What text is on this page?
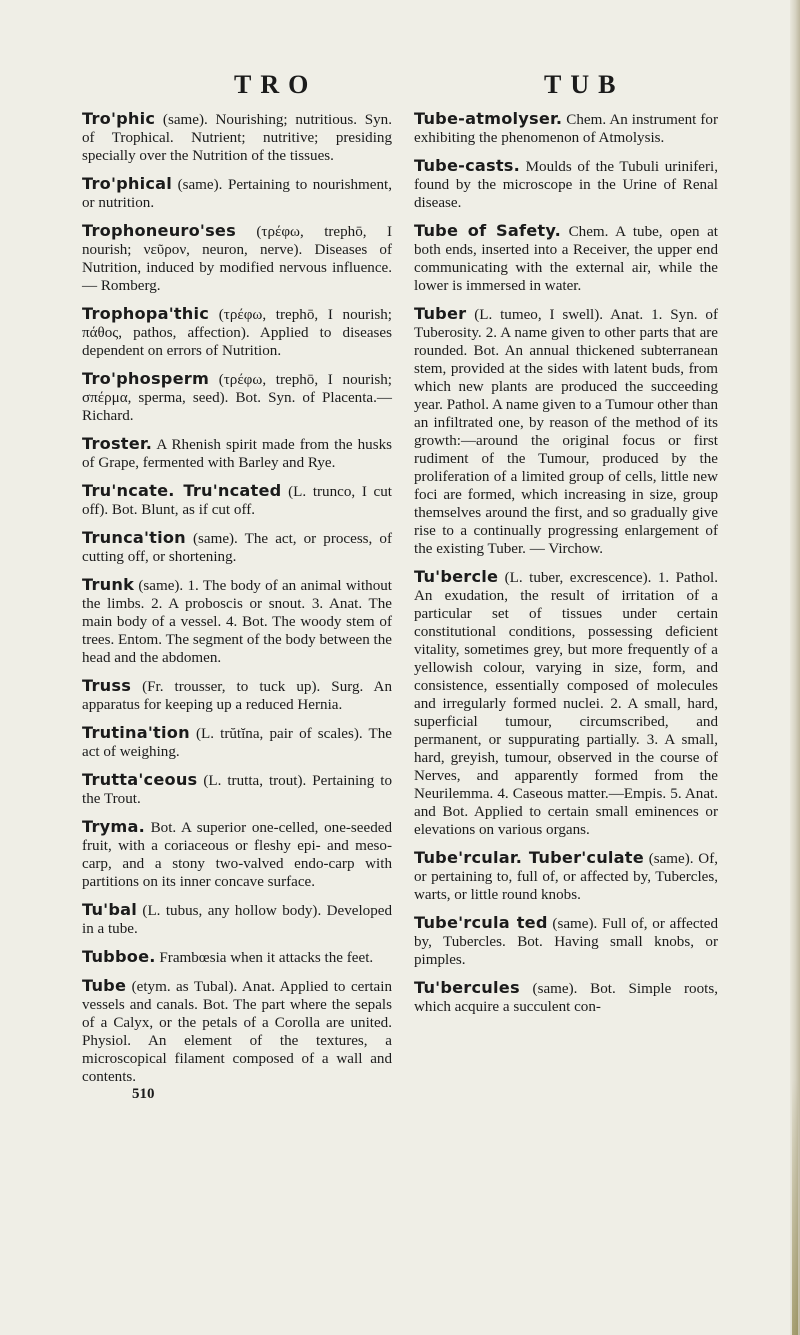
TRO	TUB

Tro'phic (same). Nourishing; nutritious. Syn. of Trophical. Nutrient; nutritive; presiding specially over the Nutrition of the tissues.

Tro'phical (same). Pertaining to nourishment, or nutrition.

Trophoneuro'ses (τρέφω, trephō, I nourish; νεῦρον, neuron, nerve). Diseases of Nutrition, induced by modified nervous influence. — Romberg.

Trophopa'thic (τρέφω, trephō, I nourish; πάθος, pathos, affection). Applied to diseases dependent on errors of Nutrition.

Tro'phosperm (τρέφω, trephō, I nourish; σπέρμα, sperma, seed). Bot. Syn. of Placenta.—Richard.

Troster. A Rhenish spirit made from the husks of Grape, fermented with Barley and Rye.

Tru'ncate. Tru'ncated (L. trunco, I cut off). Bot. Blunt, as if cut off.

Trunca'tion (same). The act, or process, of cutting off, or shortening.

Trunk (same). 1. The body of an animal without the limbs. 2. A proboscis or snout. 3. Anat. The main body of a vessel. 4. Bot. The woody stem of trees. Entom. The segment of the body between the head and the abdomen.

Truss (Fr. trousser, to tuck up). Surg. An apparatus for keeping up a reduced Hernia.

Trutina'tion (L. trŭtĭna, pair of scales). The act of weighing.

Trutta'ceous (L. trutta, trout). Pertaining to the Trout.

Tryma. Bot. A superior one-celled, one-seeded fruit, with a coriaceous or fleshy epi- and meso-carp, and a stony two-valved endo-carp with partitions on its inner concave surface.

Tu'bal (L. tubus, any hollow body). Developed in a tube.

Tubboe. Frambœsia when it attacks the feet.

Tube (etym. as Tubal). Anat. Applied to certain vessels and canals. Bot. The part where the sepals of a Calyx, or the petals of a Corolla are united. Physiol. An element of the textures, a microscopical filament composed of a wall and contents.

Tube-atmolyser. Chem. An instrument for exhibiting the phenomenon of Atmolysis.

Tube-casts. Moulds of the Tubuli uriniferi, found by the microscope in the Urine of Renal disease.

Tube of Safety. Chem. A tube, open at both ends, inserted into a Receiver, the upper end communicating with the external air, while the lower is immersed in water.

Tuber (L. tumeo, I swell). Anat. 1. Syn. of Tuberosity. 2. A name given to other parts that are rounded. Bot. An annual thickened subterranean stem, provided at the sides with latent buds, from which new plants are produced the succeeding year. Pathol. A name given to a Tumour other than an infiltrated one, by reason of the method of its growth:—around the original focus or first rudiment of the Tumour, produced by the proliferation of a limited group of cells, little new foci are formed, which increasing in size, group themselves around the first, and so gradually give rise to a continually progressing enlargement of the existing Tuber. — Virchow.

Tu'bercle (L. tuber, excrescence). 1. Pathol. An exudation, the result of irritation of a particular set of tissues under certain constitutional conditions, possessing deficient vitality, sometimes grey, but more frequently of a yellowish colour, varying in size, form, and consistence, essentially composed of molecules and irregularly formed nuclei. 2. A small, hard, superficial tumour, circumscribed, and permanent, or suppurating partially. 3. A small, hard, greyish, tumour, observed in the course of Nerves, and apparently formed from the Neurilemma. 4. Caseous matter.—Empis. 5. Anat. and Bot. Applied to certain small eminences or elevations on various organs.

Tube'rcular. Tuber'culate (same). Of, or pertaining to, full of, or affected by, Tubercles, warts, or little round knobs.

Tube'rcula ted (same). Full of, or affected by, Tubercles. Bot. Having small knobs, or pimples.

Tu'bercules (same). Bot. Simple roots, which acquire a succulent con-

510
